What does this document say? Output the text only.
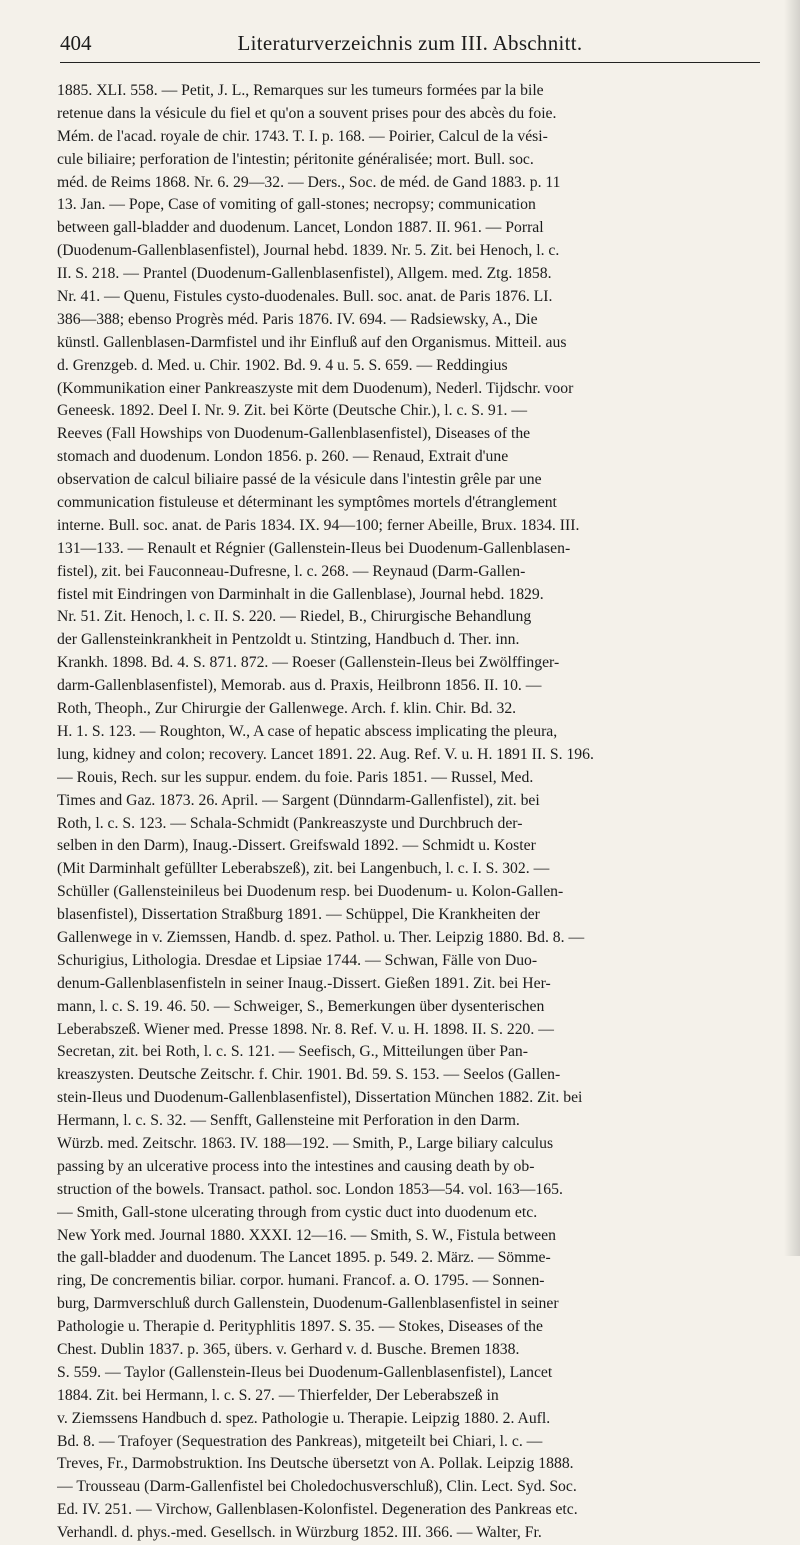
404	Literaturverzeichnis zum III. Abschnitt.
1885. XLI. 558. — Petit, J. L., Remarques sur les tumeurs formées par la bile
retenue dans la vésicule du fiel et qu'on a souvent prises pour des abcès du foie.
Mém. de l'acad. royale de chir. 1743. T. I. p. 168. — Poirier, Calcul de la vési-
cule biliaire; perforation de l'intestin; péritonite généralisée; mort. Bull. soc.
méd. de Reims 1868. Nr. 6. 29—32. — Ders., Soc. de méd. de Gand 1883. p. 11
13. Jan. — Pope, Case of vomiting of gall-stones; necropsy; communication
between gall-bladder and duodenum. Lancet, London 1887. II. 961. — Porral
(Duodenum-Gallenblasenfistel), Journal hebd. 1839. Nr. 5. Zit. bei Henoch, l. c.
II. S. 218. — Prantel (Duodenum-Gallenblasenfistel), Allgem. med. Ztg. 1858.
Nr. 41. — Quenu, Fistules cysto-duodenales. Bull. soc. anat. de Paris 1876. LI.
386—388; ebenso Progrès méd. Paris 1876. IV. 694. — Radsiewsky, A., Die
künstl. Gallenblasen-Darmfistel und ihr Einfluß auf den Organismus. Mitteil. aus
d. Grenzgeb. d. Med. u. Chir. 1902. Bd. 9. 4 u. 5. S. 659. — Reddingius
(Kommunikation einer Pankreaszyste mit dem Duodenum), Nederl. Tijdschr. voor
Geneesk. 1892. Deel I. Nr. 9. Zit. bei Körte (Deutsche Chir.), l. c. S. 91. —
Reeves (Fall Howships von Duodenum-Gallenblasenfistel), Diseases of the
stomach and duodenum. London 1856. p. 260. — Renaud, Extrait d'une
observation de calcul biliaire passé de la vésicule dans l'intestin grêle par une
communication fistuleuse et déterminant les symptômes mortels d'étranglement
interne. Bull. soc. anat. de Paris 1834. IX. 94—100; ferner Abeille, Brux. 1834. III.
131—133. — Renault et Régnier (Gallenstein-Ileus bei Duodenum-Gallenblasen-
fistel), zit. bei Fauconneau-Dufresne, l. c. 268. — Reynaud (Darm-Gallen-
fistel mit Eindringen von Darminhalt in die Gallenblase), Journal hebd. 1829.
Nr. 51. Zit. Henoch, l. c. II. S. 220. — Riedel, B., Chirurgische Behandlung
der Gallensteinkrankheit in Pentzoldt u. Stintzing, Handbuch d. Ther. inn.
Krankh. 1898. Bd. 4. S. 871. 872. — Roeser (Gallenstein-Ileus bei Zwölffinger-
darm-Gallenblasenfistel), Memorab. aus d. Praxis, Heilbronn 1856. II. 10. —
Roth, Theoph., Zur Chirurgie der Gallenwege. Arch. f. klin. Chir. Bd. 32.
H. 1. S. 123. — Roughton, W., A case of hepatic abscess implicating the pleura,
lung, kidney and colon; recovery. Lancet 1891. 22. Aug. Ref. V. u. H. 1891 II. S. 196.
— Rouis, Rech. sur les suppur. endem. du foie. Paris 1851. — Russel, Med.
Times and Gaz. 1873. 26. April. — Sargent (Dünndarm-Gallenfistel), zit. bei
Roth, l. c. S. 123. — Schala-Schmidt (Pankreaszyste und Durchbruch der-
selben in den Darm), Inaug.-Dissert. Greifswald 1892. — Schmidt u. Koster
(Mit Darminhalt gefüllter Leberabszeß), zit. bei Langenbuch, l. c. I. S. 302. —
Schüller (Gallensteinileus bei Duodenum resp. bei Duodenum- u. Kolon-Gallen-
blasenfistel), Dissertation Straßburg 1891. — Schüppel, Die Krankheiten der
Gallenwege in v. Ziemssen, Handb. d. spez. Pathol. u. Ther. Leipzig 1880. Bd. 8. —
Schurigius, Lithologia. Dresdae et Lipsiae 1744. — Schwan, Fälle von Duo-
denum-Gallenblasenfisteln in seiner Inaug.-Dissert. Gießen 1891. Zit. bei Her-
mann, l. c. S. 19. 46. 50. — Schweiger, S., Bemerkungen über dysenterischen
Leberabszeß. Wiener med. Presse 1898. Nr. 8. Ref. V. u. H. 1898. II. S. 220. —
Secretan, zit. bei Roth, l. c. S. 121. — Seefisch, G., Mitteilungen über Pan-
kreaszysten. Deutsche Zeitschr. f. Chir. 1901. Bd. 59. S. 153. — Seelos (Gallen-
stein-Ileus und Duodenum-Gallenblasenfistel), Dissertation München 1882. Zit. bei
Hermann, l. c. S. 32. — Senfft, Gallensteine mit Perforation in den Darm.
Würzb. med. Zeitschr. 1863. IV. 188—192. — Smith, P., Large biliary calculus
passing by an ulcerative process into the intestines and causing death by ob-
struction of the bowels. Transact. pathol. soc. London 1853—54. vol. 163—165.
— Smith, Gall-stone ulcerating through from cystic duct into duodenum etc.
New York med. Journal 1880. XXXI. 12—16. — Smith, S. W., Fistula between
the gall-bladder and duodenum. The Lancet 1895. p. 549. 2. März. — Sömme-
ring, De concrementis biliar. corpor. humani. Francof. a. O. 1795. — Sonnen-
burg, Darmverschluß durch Gallenstein, Duodenum-Gallenblasenfistel in seiner
Pathologie u. Therapie d. Perityphlitis 1897. S. 35. — Stokes, Diseases of the
Chest. Dublin 1837. p. 365, übers. v. Gerhard v. d. Busche. Bremen 1838.
S. 559. — Taylor (Gallenstein-Ileus bei Duodenum-Gallenblasenfistel), Lancet
1884. Zit. bei Hermann, l. c. S. 27. — Thierfelder, Der Leberabszeß in
v. Ziemssens Handbuch d. spez. Pathologie u. Therapie. Leipzig 1880. 2. Aufl.
Bd. 8. — Trafoyer (Sequestration des Pankreas), mitgeteilt bei Chiari, l. c. —
Treves, Fr., Darmobstruktion. Ins Deutsche übersetzt von A. Pollak. Leipzig 1888.
— Trousseau (Darm-Gallenfistel bei Choledochusverschluß), Clin. Lect. Syd. Soc.
Ed. IV. 251. — Virchow, Gallenblasen-Kolonfistel. Degeneration des Pankreas etc.
Verhandl. d. phys.-med. Gesellsch. in Würzburg 1852. III. 366. — Walter, Fr.
